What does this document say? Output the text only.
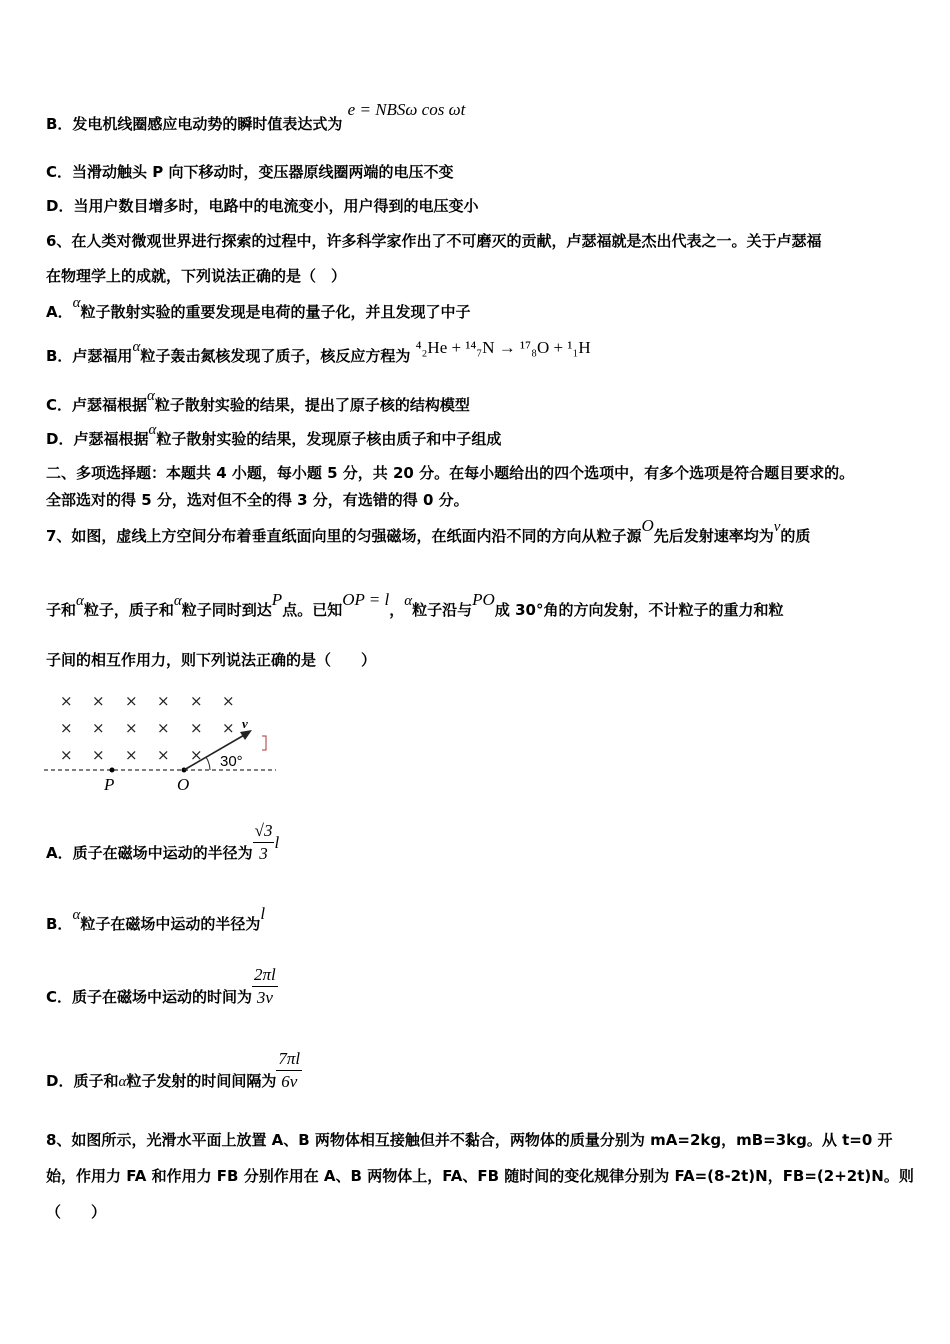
B．发电机线圈感应电动势的瞬时值表达式为 e = NBSω cos ωt
C．当滑动触头 P 向下移动时，变压器原线圈两端的电压不变
D．当用户数目增多时，电路中的电流变小，用户得到的电压变小
6、在人类对微观世界进行探索的过程中，许多科学家作出了不可磨灭的贡献，卢瑟福就是杰出代表之一。关于卢瑟福
在物理学上的成就，下列说法正确的是（　）
A．α粒子散射实验的重要发现是电荷的量子化，并且发现了中子
B．卢瑟福用α粒子轰击氮核发现了质子，核反应方程为 ⁴₂He + ¹⁴₇N → ¹⁷₈O + ¹₁H
C．卢瑟福根据α粒子散射实验的结果，提出了原子核的结构模型
D．卢瑟福根据α粒子散射实验的结果，发现原子核由质子和中子组成
二、多项选择题：本题共 4 小题，每小题 5 分，共 20 分。在每小题给出的四个选项中，有多个选项是符合题目要求的。
全部选对的得 5 分，选对但不全的得 3 分，有选错的得 0 分。
7、如图，虚线上方空间分布着垂直纸面向里的匀强磁场，在纸面内沿不同的方向从粒子源O先后发射速率均为v的质
子和α粒子，质子和α粒子同时到达P点。已知OP = l，α粒子沿与PO成 30°角的方向发射，不计粒子的重力和粒
子间的相互作用力，则下列说法正确的是（　　）
× × × × × ×
× × × × × ×
× × × × × 30°
v
P	O
A．质子在磁场中运动的半径为 $\frac{√3}{3}$ l
B．α粒子在磁场中运动的半径为l
C．质子在磁场中运动的时间为 $\frac{2\pi l}{3v}$
D．质子和α粒子发射的时间间隔为 $\frac{7\pi l}{6v}$
8、如图所示，光滑水平面上放置 A、B 两物体相互接触但并不黏合，两物体的质量分别为 mA=2kg，mB=3kg。从 t=0 开
始，作用力 FA 和作用力 FB 分别作用在 A、B 两物体上，FA、FB 随时间的变化规律分别为 FA=(8-2t)N，FB=(2+2t)N。则
（　　）
